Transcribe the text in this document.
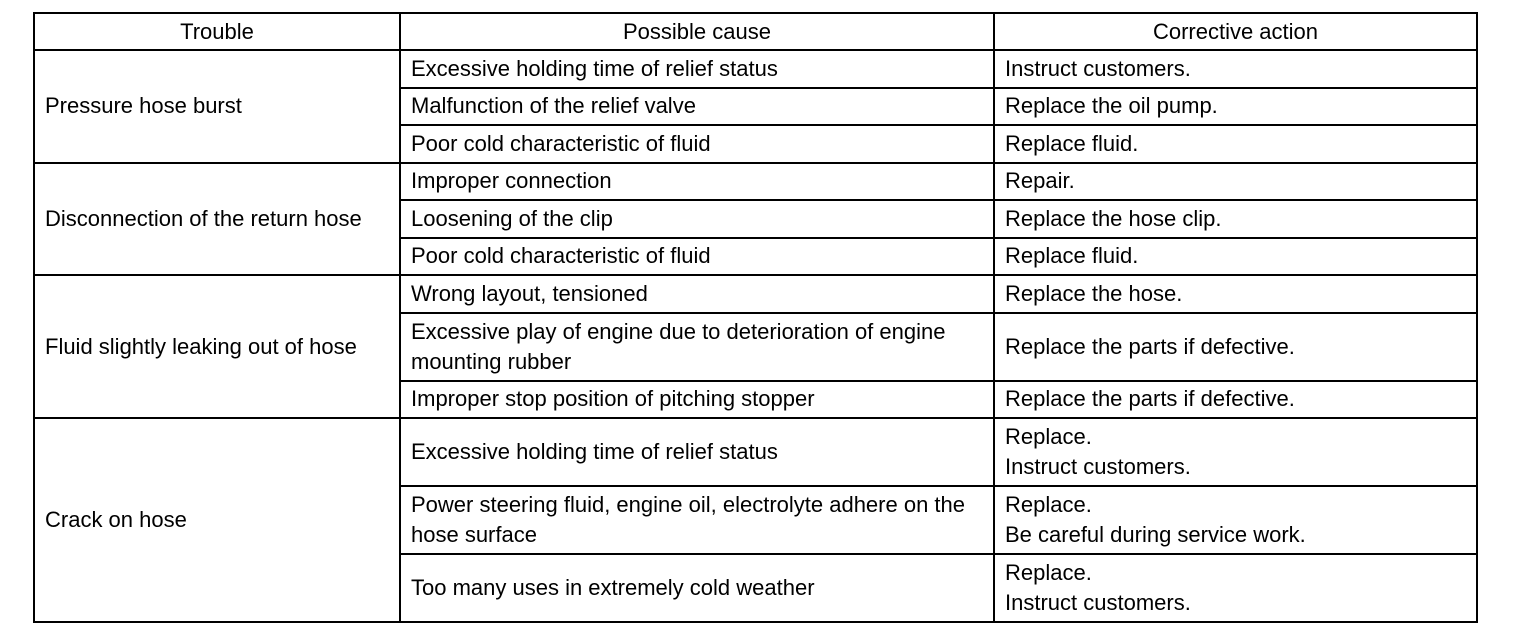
Trouble	Possible cause	Corrective action
Pressure hose burst	Excessive holding time of relief status	Instruct customers.

	Malfunction of the relief valve	Replace the oil pump.

	Poor cold characteristic of fluid	Replace fluid.

Disconnection of the return hose	Improper connection	Repair.

	Loosening of the clip	Replace the hose clip.

	Poor cold characteristic of fluid	Replace fluid.

Fluid slightly leaking out of hose	Wrong layout, tensioned	Replace the hose.

	Excessive play of engine due to deterioration of engine mounting rubber	Replace the parts if defective.

	Improper stop position of pitching stopper	Replace the parts if defective.

Crack on hose	Excessive holding time of relief status	Replace.
Instruct customers.

	Power steering fluid, engine oil, electrolyte adhere on the hose surface	Replace.
Be careful during service work.

	Too many uses in extremely cold weather	Replace.
Instruct customers.
